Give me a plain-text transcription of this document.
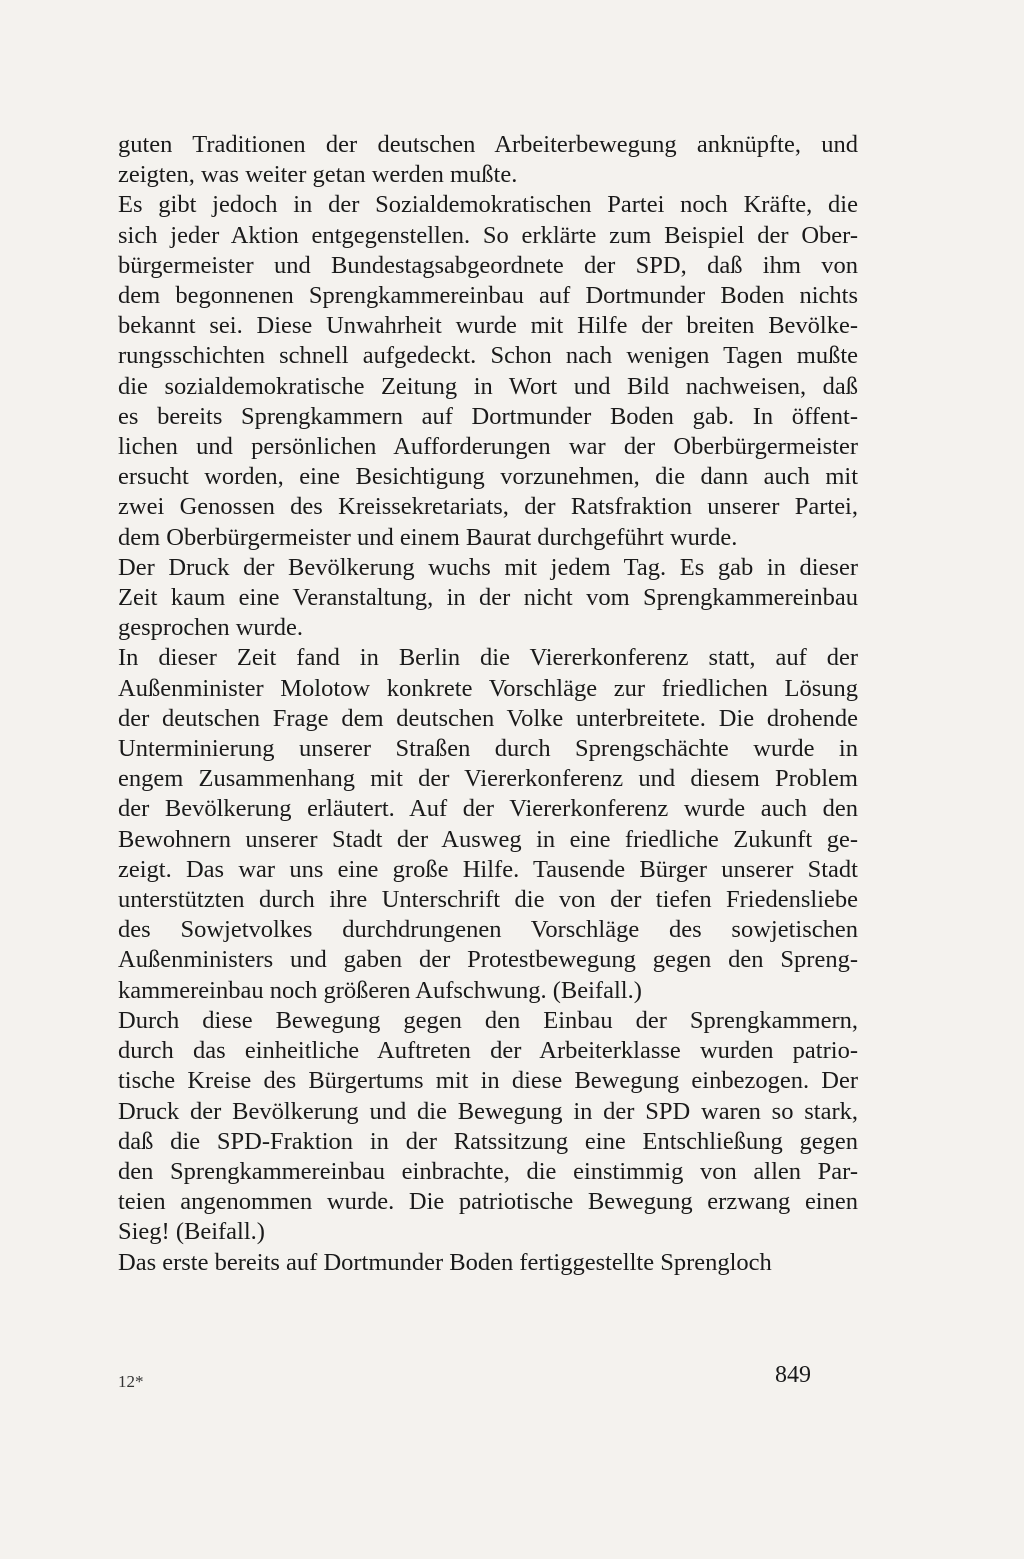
guten Traditionen der deutschen Arbeiterbewegung anknüpfte, und
zeigten, was weiter getan werden mußte.
Es gibt jedoch in der Sozialdemokratischen Partei noch Kräfte, die
sich jeder Aktion entgegenstellen. So erklärte zum Beispiel der Ober-
bürgermeister und Bundestagsabgeordnete der SPD, daß ihm von
dem begonnenen Sprengkammereinbau auf Dortmunder Boden nichts
bekannt sei. Diese Unwahrheit wurde mit Hilfe der breiten Bevölke-
rungsschichten schnell aufgedeckt. Schon nach wenigen Tagen mußte
die sozialdemokratische Zeitung in Wort und Bild nachweisen, daß
es bereits Sprengkammern auf Dortmunder Boden gab. In öffent-
lichen und persönlichen Aufforderungen war der Oberbürgermeister
ersucht worden, eine Besichtigung vorzunehmen, die dann auch mit
zwei Genossen des Kreissekretariats, der Ratsfraktion unserer Partei,
dem Oberbürgermeister und einem Baurat durchgeführt wurde.
Der Druck der Bevölkerung wuchs mit jedem Tag. Es gab in dieser
Zeit kaum eine Veranstaltung, in der nicht vom Sprengkammereinbau
gesprochen wurde.
In dieser Zeit fand in Berlin die Viererkonferenz statt, auf der
Außenminister Molotow konkrete Vorschläge zur friedlichen Lösung
der deutschen Frage dem deutschen Volke unterbreitete. Die drohende
Unterminierung unserer Straßen durch Sprengschächte wurde in
engem Zusammenhang mit der Viererkonferenz und diesem Problem
der Bevölkerung erläutert. Auf der Viererkonferenz wurde auch den
Bewohnern unserer Stadt der Ausweg in eine friedliche Zukunft ge-
zeigt. Das war uns eine große Hilfe. Tausende Bürger unserer Stadt
unterstützten durch ihre Unterschrift die von der tiefen Friedensliebe
des Sowjetvolkes durchdrungenen Vorschläge des sowjetischen
Außenministers und gaben der Protestbewegung gegen den Spreng-
kammereinbau noch größeren Aufschwung. (Beifall.)
Durch diese Bewegung gegen den Einbau der Sprengkammern,
durch das einheitliche Auftreten der Arbeiterklasse wurden patrio-
tische Kreise des Bürgertums mit in diese Bewegung einbezogen. Der
Druck der Bevölkerung und die Bewegung in der SPD waren so stark,
daß die SPD-Fraktion in der Ratssitzung eine Entschließung gegen
den Sprengkammereinbau einbrachte, die einstimmig von allen Par-
teien angenommen wurde. Die patriotische Bewegung erzwang einen
Sieg! (Beifall.)
Das erste bereits auf Dortmunder Boden fertiggestellte Sprengloch
12*	849
